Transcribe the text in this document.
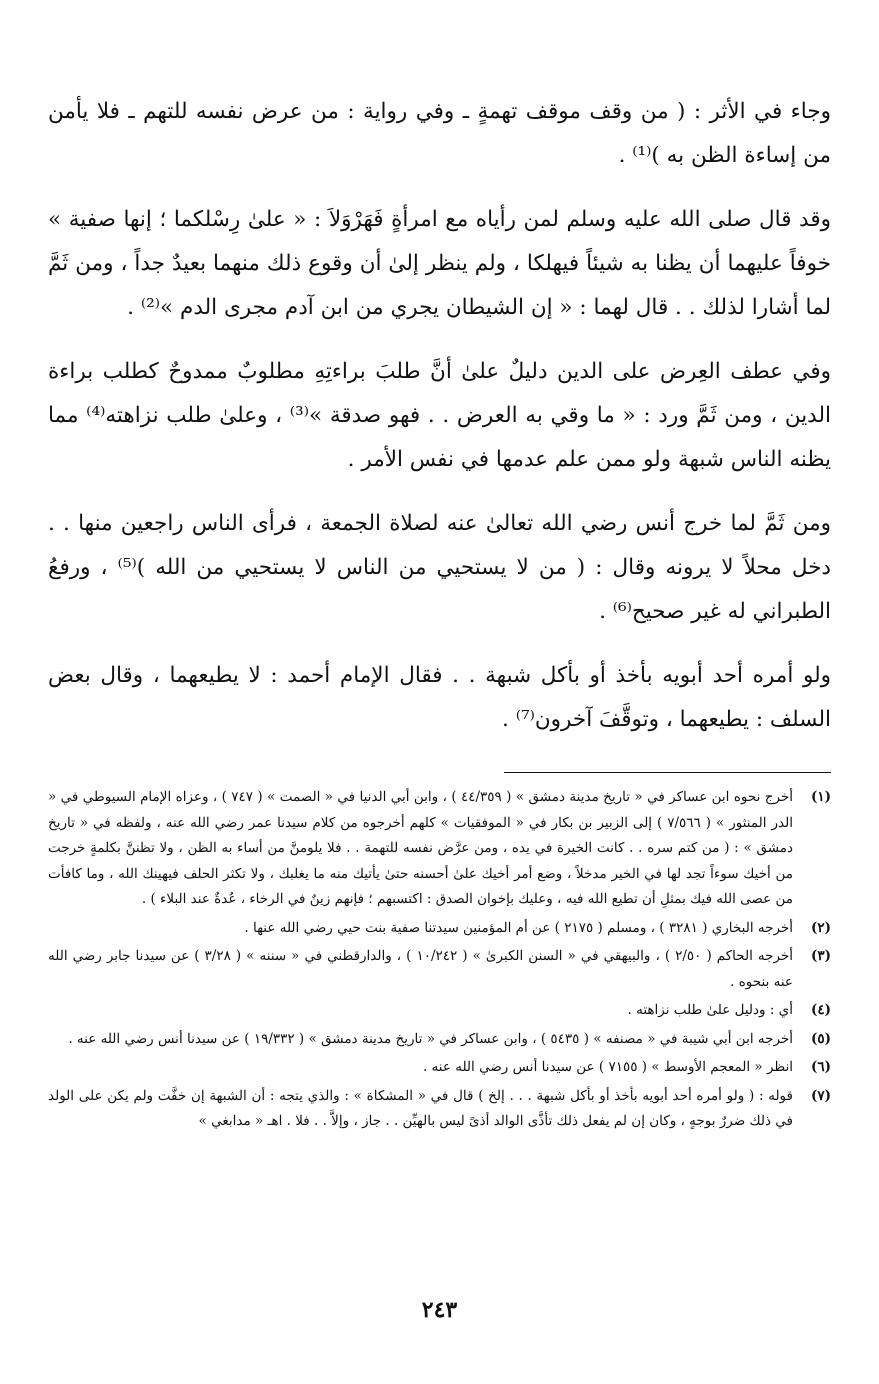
وجاء في الأثر : ( من وقف موقف تهمةٍ ـ وفي رواية : من عرض نفسه للتهم ـ فلا يأمن من إساءة الظن به )⁽¹⁾ .

وقد قال صلى الله عليه وسلم لمن رأياه مع امرأةٍ فَهَرْوَلاَ : « علىٰ رِسْلكما ؛ إنها صفية » خوفاً عليهما أن يظنا به شيئاً فيهلكا ، ولم ينظر إلىٰ أن وقوع ذلك منهما بعيدٌ جداً ، ومن ثَمَّ لما أشارا لذلك . . قال لهما : « إن الشيطان يجري من ابن آدم مجرى الدم »⁽²⁾ .

وفي عطف العِرض على الدين دليلٌ علىٰ أنَّ طلبَ براءتِهِ مطلوبٌ ممدوحٌ كطلب براءة الدين ، ومن ثَمَّ ورد : « ما وقي به العرض . . فهو صدقة »⁽³⁾ ، وعلىٰ طلب نزاهته⁽⁴⁾ مما يظنه الناس شبهة ولو ممن علم عدمها في نفس الأمر .

ومن ثَمَّ لما خرج أنس رضي الله تعالىٰ عنه لصلاة الجمعة ، فرأى الناس راجعين منها . . دخل محلاً لا يرونه وقال : ( من لا يستحيي من الناس لا يستحيي من الله )⁽⁵⁾ ، ورفعُ الطبراني له غير صحيح⁽⁶⁾ .

ولو أمره أحد أبويه بأخذ أو بأكل شبهة . . فقال الإمام أحمد : لا يطيعهما ، وقال بعض السلف : يطيعهما ، وتوقَّفَ آخرون⁽⁷⁾ .

(١)
أخرج نحوه ابن عساكر في « تاريخ مدينة دمشق » ( ٤٤/٣٥٩ ) ، وابن أبي الدنيا في « الصمت » ( ٧٤٧ ) ، وعزاه الإمام السيوطي في « الدر المنثور » ( ٧/٥٦٦ ) إلى الزبير بن بكار في « الموفقيات » كلهم أخرجوه من كلام سيدنا عمر رضي الله عنه ، ولفظه في « تاريخ دمشق » : ( من كتم سره . . كانت الخيرة في يده ، ومن عرَّض نفسه للتهمة . . فلا يلومنَّ من أساء به الظن ، ولا تظننَّ بكلمةٍ خرجت من أخيك سوءاً تجد لها في الخير مدخلاً ، وضع أمر أخيك علىٰ أحسنه حتىٰ يأتيك منه ما يغلبك ، ولا تكثر الحلف فيهينك الله ، وما كافأت من عصى الله فيك بمثلِ أن تطيع الله فيه ، وعليك بإخوان الصدق : اكتسبهم ؛ فإنهم زينٌ في الرخاء ، عُدةٌ عند البلاء ) .
(٢)
أخرجه البخاري ( ٣٢٨١ ) ، ومسلم ( ٢١٧٥ ) عن أم المؤمنين سيدتنا صفية بنت حيي رضي الله عنها .
(٣)
أخرجه الحاكم ( ٢/٥٠ ) ، والبيهقي في « السنن الكبرىٰ » ( ١٠/٢٤٢ ) ، والدارقطني في « سننه » ( ٣/٢٨ ) عن سيدنا جابر رضي الله عنه بنحوه .
(٤)
أي : ودليل علىٰ طلب نزاهته .
(٥)
أخرجه ابن أبي شيبة في « مصنفه » ( ٥٤٣٥ ) ، وابن عساكر في « تاريخ مدينة دمشق » ( ١٩/٣٣٢ ) عن سيدنا أنس رضي الله عنه .
(٦)
انظر « المعجم الأوسط » ( ٧١٥٥ ) عن سيدنا أنس رضي الله عنه .
(٧)
قوله : ( ولو أمره أحد أبويه بأخذ أو بأكل شبهة . . . إلخ ) قال في « المشكاة » : والذي يتجه : أن الشبهة إن خفَّت ولم يكن على الولد في ذلك ضررٌ بوجهٍ ، وكان إن لم يفعل ذلك تأذَّى الوالد أذىً ليس بالهيِّن . . جاز ، وإلاَّ . . فلا . اهـ « مدابغي »
٢٤٣
